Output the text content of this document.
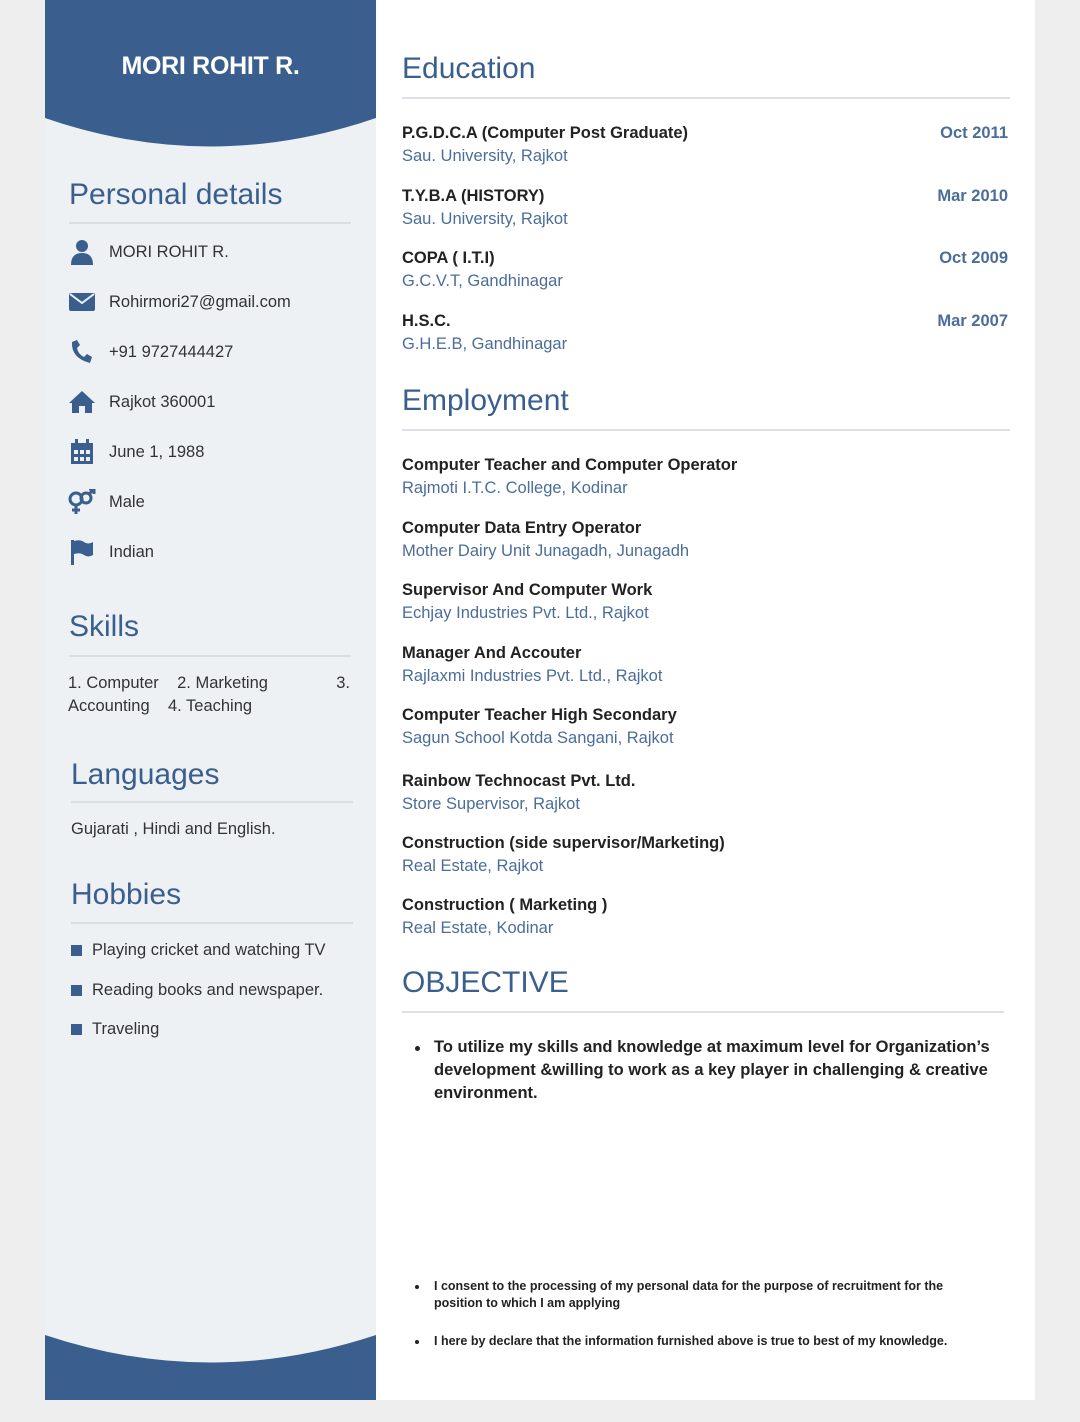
MORI ROHIT R.
Personal details
MORI ROHIT R.
Rohirmori27@gmail.com
+91 9727444427
Rajkot 360001
June 1, 1988
Male
Indian
Skills
1. Computer    2. Marketing	3.
Accounting    4. Teaching
Languages
Gujarati , Hindi and English.
Hobbies
Playing cricket and watching TV
Reading books and newspaper.
Traveling
Education
P.G.D.C.A (Computer Post Graduate)	Oct 2011
Sau. University, Rajkot
T.Y.B.A (HISTORY)	Mar 2010
Sau. University, Rajkot
COPA ( I.T.I)	Oct 2009
G.C.V.T, Gandhinagar
H.S.C.	Mar 2007
G.H.E.B, Gandhinagar
Employment
Computer Teacher and Computer Operator
Rajmoti I.T.C. College, Kodinar
Computer Data Entry Operator
Mother Dairy Unit Junagadh, Junagadh
Supervisor And Computer Work
Echjay Industries Pvt. Ltd., Rajkot
Manager And Accouter
Rajlaxmi Industries Pvt. Ltd., Rajkot
Computer Teacher High Secondary
Sagun School Kotda Sangani, Rajkot
Rainbow Technocast Pvt. Ltd.
Store Supervisor, Rajkot
Construction (side supervisor/Marketing)
Real Estate, Rajkot
Construction ( Marketing )
Real Estate, Kodinar
OBJECTIVE
To utilize my skills and knowledge at maximum level for Organization’s development &willing to work as a key player in challenging & creative environment.
I consent to the processing of my personal data for the purpose of recruitment for the position to which I am applying
I here by declare that the information furnished above is true to best of my knowledge.
